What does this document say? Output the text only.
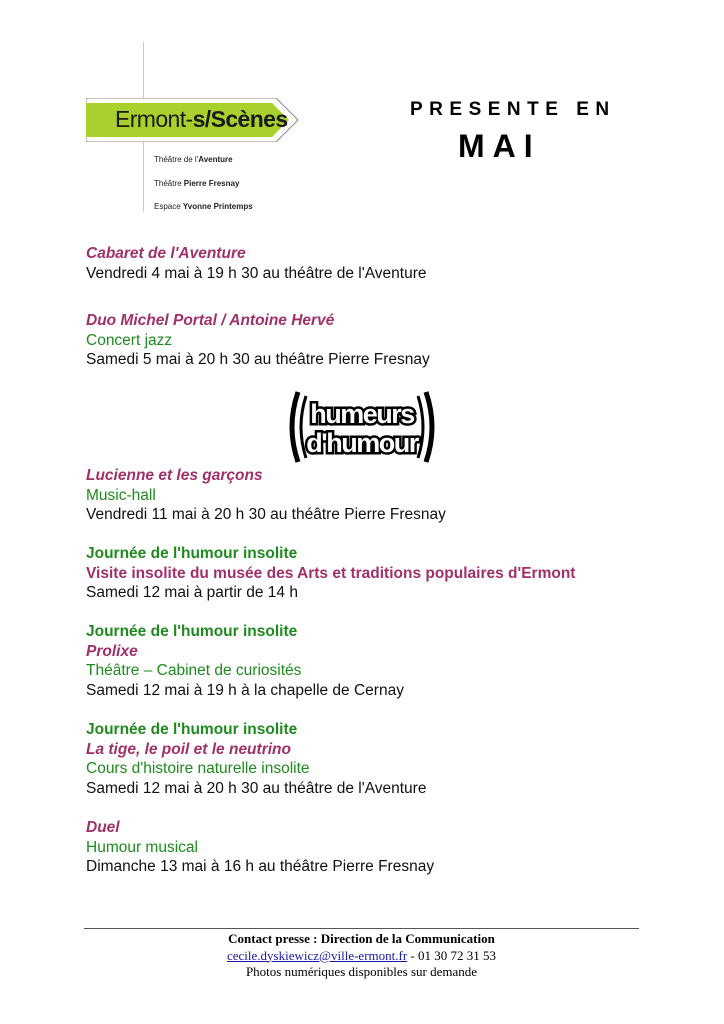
Ermont-s/Scènes
Théâtre de l'Aventure
Théâtre Pierre Fresnay
Espace Yvonne Printemps
PRESENTE EN
MAI
Cabaret de l'Aventure
Vendredi 4 mai à 19 h 30 au théâtre de l'Aventure
Duo Michel Portal / Antoine Hervé
Concert jazz
Samedi 5 mai à 20 h 30 au théâtre Pierre Fresnay
humeurs
d'humour
Lucienne et les garçons
Music-hall
Vendredi 11 mai à 20 h 30 au théâtre Pierre Fresnay
Journée de l'humour insolite
Visite insolite du musée des Arts et traditions populaires d'Ermont
Samedi 12 mai à partir de 14 h
Journée de l'humour insolite
Prolixe
Théâtre – Cabinet de curiosités
Samedi 12 mai à 19 h à la chapelle de Cernay
Journée de l'humour insolite
La tige, le poil et le neutrino
Cours d'histoire naturelle insolite
Samedi 12 mai à 20 h 30 au théâtre de l'Aventure
Duel
Humour musical
Dimanche 13 mai à 16 h au théâtre Pierre Fresnay
Contact presse : Direction de la Communication
cecile.dyskiewicz@ville-ermont.fr - 01 30 72 31 53
Photos numériques disponibles sur demande
